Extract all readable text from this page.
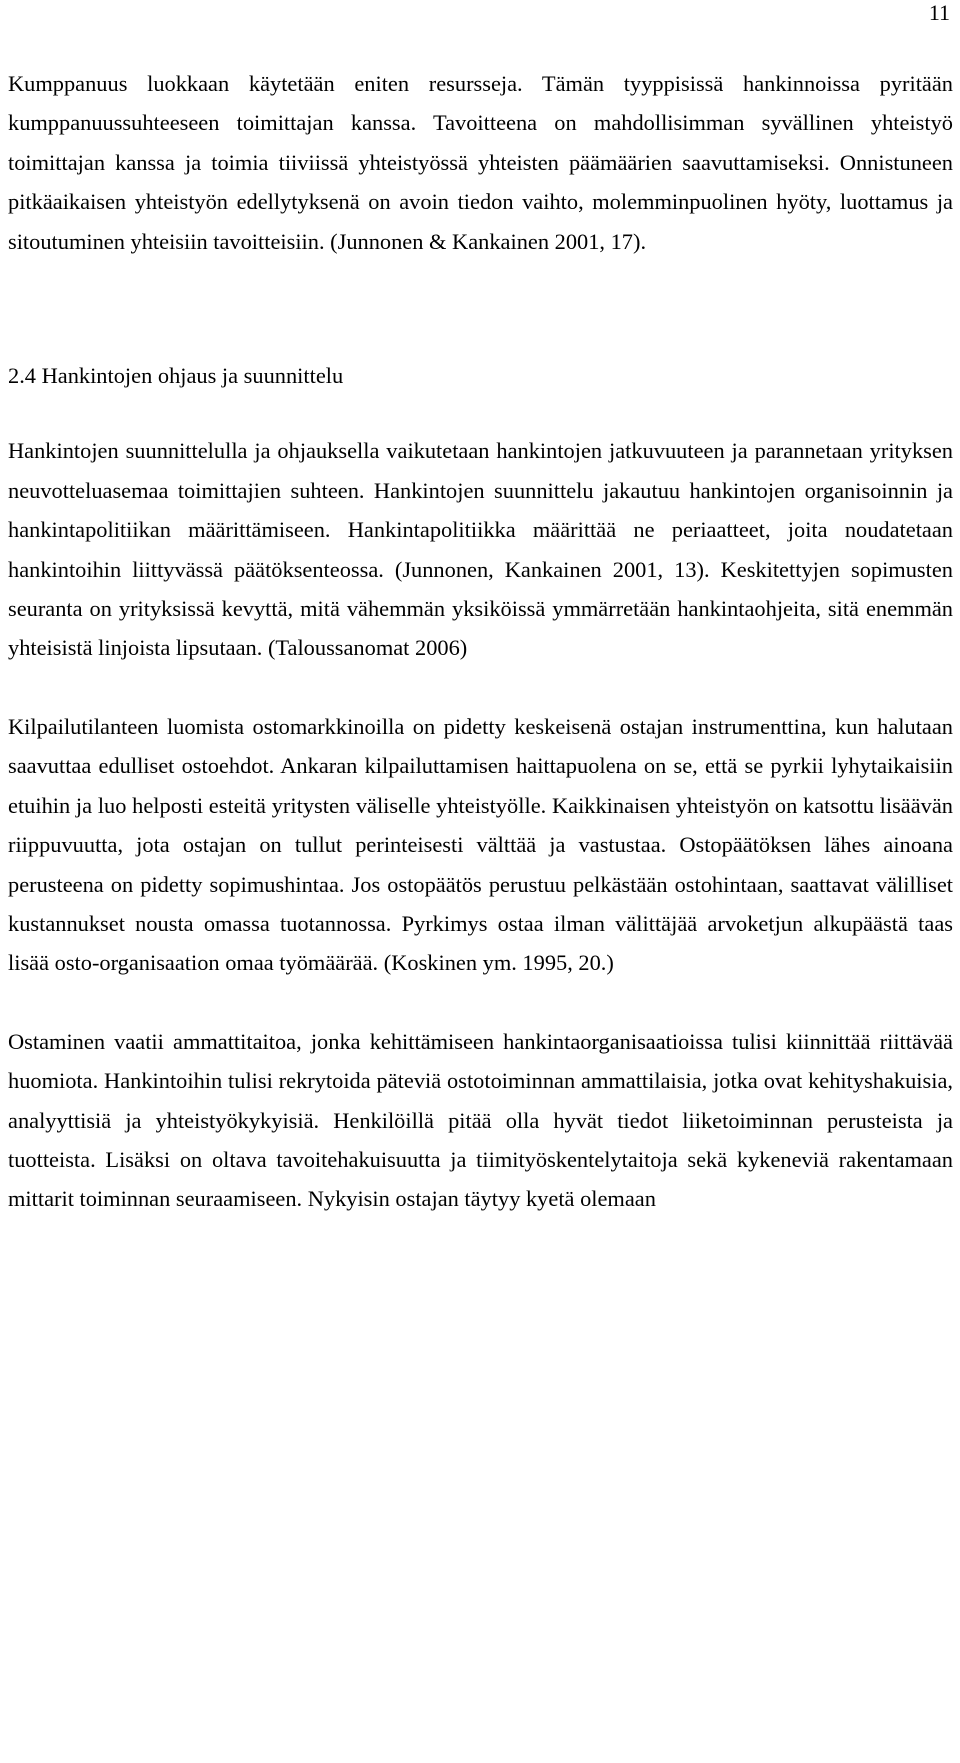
11

Kumppanuus luokkaan käytetään eniten resursseja. Tämän tyyppisissä hankinnoissa pyritään kumppanuussuhteeseen toimittajan kanssa. Tavoitteena on mahdollisimman syvällinen yhteistyö toimittajan kanssa ja toimia tiiviissä yhteistyössä yhteisten päämäärien saavuttamiseksi. Onnistuneen pitkäaikaisen yhteistyön edellytyksenä on avoin tiedon vaihto, molemminpuolinen hyöty, luottamus ja sitoutuminen yhteisiin tavoitteisiin. (Junnonen & Kankainen 2001, 17).

2.4 Hankintojen ohjaus ja suunnittelu

Hankintojen suunnittelulla ja ohjauksella vaikutetaan hankintojen jatkuvuuteen ja parannetaan yrityksen neuvotteluasemaa toimittajien suhteen. Hankintojen suunnittelu jakautuu hankintojen organisoinnin ja hankintapolitiikan määrittämiseen. Hankintapolitiikka määrittää ne periaatteet, joita noudatetaan hankintoihin liittyvässä päätöksenteossa. (Junnonen, Kankainen 2001, 13). Keskitettyjen sopimusten seuranta on yrityksissä kevyttä, mitä vähemmän yksiköissä ymmärretään hankintaohjeita, sitä enemmän yhteisistä linjoista lipsutaan. (Taloussanomat 2006)

Kilpailutilanteen luomista ostomarkkinoilla on pidetty keskeisenä ostajan instrumenttina, kun halutaan saavuttaa edulliset ostoehdot. Ankaran kilpailuttamisen haittapuolena on se, että se pyrkii lyhytaikaisiin etuihin ja luo helposti esteitä yritysten väliselle yhteistyölle. Kaikkinaisen yhteistyön on katsottu lisäävän riippuvuutta, jota ostajan on tullut perinteisesti välttää ja vastustaa. Ostopäätöksen lähes ainoana perusteena on pidetty sopimushintaa. Jos ostopäätös perustuu pelkästään ostohintaan, saattavat välilliset kustannukset nousta omassa tuotannossa. Pyrkimys ostaa ilman välittäjää arvoketjun alkupäästä taas lisää osto-organisaation omaa työmäärää. (Koskinen ym. 1995, 20.)

Ostaminen vaatii ammattitaitoa, jonka kehittämiseen hankintaorganisaatioissa tulisi kiinnittää riittävää huomiota. Hankintoihin tulisi rekrytoida päteviä ostotoiminnan ammattilaisia, jotka ovat kehityshakuisia, analyyttisiä ja yhteistyökykyisiä. Henkilöillä pitää olla hyvät tiedot liiketoiminnan perusteista ja tuotteista. Lisäksi on oltava tavoitehakuisuutta ja tiimityöskentelytaitoja sekä kykeneviä rakentamaan mittarit toiminnan seuraamiseen. Nykyisin ostajan täytyy kyetä olemaan
